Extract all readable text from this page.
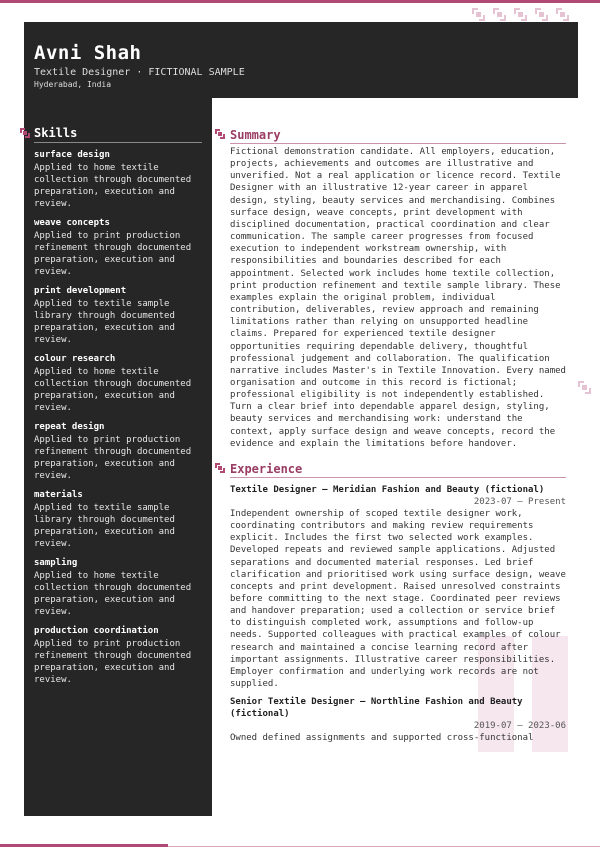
Avni Shah
Textile Designer · FICTIONAL SAMPLE
Hyderabad, India
Skills
surface design
Applied to home textile collection through documented preparation, execution and review.
weave concepts
Applied to print production refinement through documented preparation, execution and review.
print development
Applied to textile sample library through documented preparation, execution and review.
colour research
Applied to home textile collection through documented preparation, execution and review.
repeat design
Applied to print production refinement through documented preparation, execution and review.
materials
Applied to textile sample library through documented preparation, execution and review.
sampling
Applied to home textile collection through documented preparation, execution and review.
production coordination
Applied to print production refinement through documented preparation, execution and review.
Summary

Fictional demonstration candidate. All employers, education, projects, achievements and outcomes are illustrative and unverified. Not a real application or licence record. Textile Designer with an illustrative 12-year career in apparel design, styling, beauty services and merchandising. Combines surface design, weave concepts, print development with disciplined documentation, practical coordination and clear communication. The sample career progresses from focused execution to independent workstream ownership, with responsibilities and boundaries described for each appointment. Selected work includes home textile collection, print production refinement and textile sample library. These examples explain the original problem, individual contribution, deliverables, review approach and remaining limitations rather than relying on unsupported headline claims. Prepared for experienced textile designer opportunities requiring dependable delivery, thoughtful professional judgement and collaboration. The qualification narrative includes Master's in Textile Innovation. Every named organisation and outcome in this record is fictional; professional eligibility is not independently established. Turn a clear brief into dependable apparel design, styling, beauty services and merchandising work: understand the context, apply surface design and weave concepts, record the evidence and explain the limitations before handover.

Experience
Textile Designer — Meridian Fashion and Beauty (fictional)
2023-07 – Present
Independent ownership of scoped textile designer work, coordinating contributors and making review requirements explicit. Includes the first two selected work examples. Developed repeats and reviewed sample applications. Adjusted separations and documented material responses. Led brief clarification and prioritised work using surface design, weave concepts and print development. Raised unresolved constraints before committing to the next stage. Coordinated peer reviews and handover preparation; used a collection or service brief to distinguish completed work, assumptions and follow-up needs. Supported colleagues with practical examples of colour research and maintained a concise learning record after important assignments. Illustrative career responsibilities. Employer confirmation and underlying work records are not supplied.
Senior Textile Designer — Northline Fashion and Beauty (fictional)
2019-07 – 2023-06
Owned defined assignments and supported cross-functional
